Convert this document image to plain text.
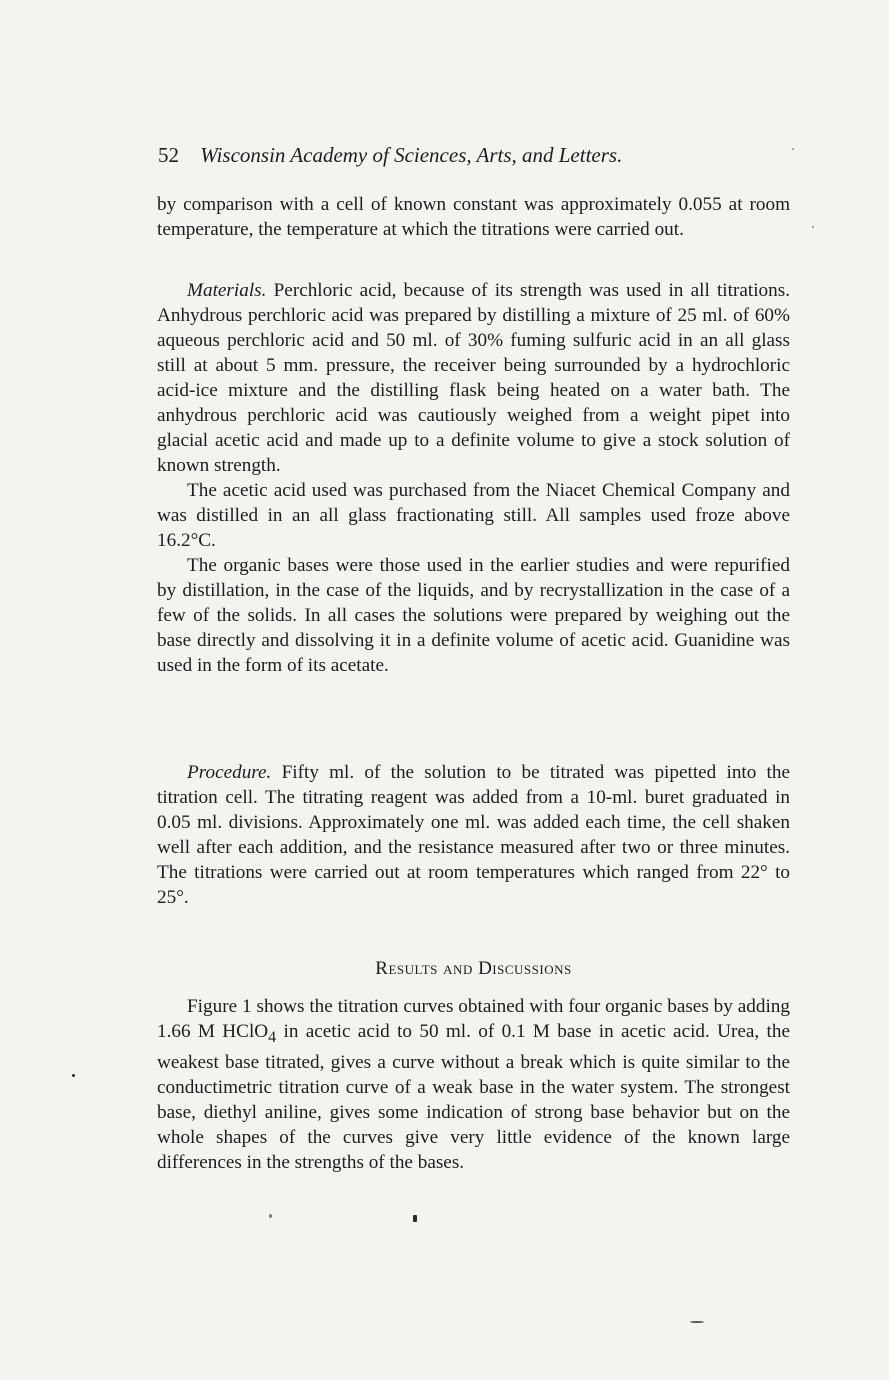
52 Wisconsin Academy of Sciences, Arts, and Letters.

by comparison with a cell of known constant was approximately 0.055 at room temperature, the temperature at which the titrations were carried out.

Materials. Perchloric acid, because of its strength was used in all titrations. Anhydrous perchloric acid was prepared by distilling a mixture of 25 ml. of 60% aqueous perchloric acid and 50 ml. of 30% fuming sulfuric acid in an all glass still at about 5 mm. pressure, the receiver being surrounded by a hydrochloric acid-ice mixture and the distilling flask being heated on a water bath. The anhydrous perchloric acid was cautiously weighed from a weight pipet into glacial acetic acid and made up to a definite volume to give a stock solution of known strength.

The acetic acid used was purchased from the Niacet Chemical Company and was distilled in an all glass fractionating still. All samples used froze above 16.2°C.

The organic bases were those used in the earlier studies and were repurified by distillation, in the case of the liquids, and by recrystallization in the case of a few of the solids. In all cases the solutions were prepared by weighing out the base directly and dissolving it in a definite volume of acetic acid. Guanidine was used in the form of its acetate.

Procedure. Fifty ml. of the solution to be titrated was pipetted into the titration cell. The titrating reagent was added from a 10-ml. buret graduated in 0.05 ml. divisions. Approximately one ml. was added each time, the cell shaken well after each addition, and the resistance measured after two or three minutes. The titrations were carried out at room temperatures which ranged from 22° to 25°.

Results and Discussions

Figure 1 shows the titration curves obtained with four organic bases by adding 1.66 M HClO$_4$ in acetic acid to 50 ml. of 0.1 M base in acetic acid. Urea, the weakest base titrated, gives a curve without a break which is quite similar to the conductimetric titration curve of a weak base in the water system. The strongest base, diethyl aniline, gives some indication of strong base behavior but on the whole shapes of the curves give very little evidence of the known large differences in the strengths of the bases.
